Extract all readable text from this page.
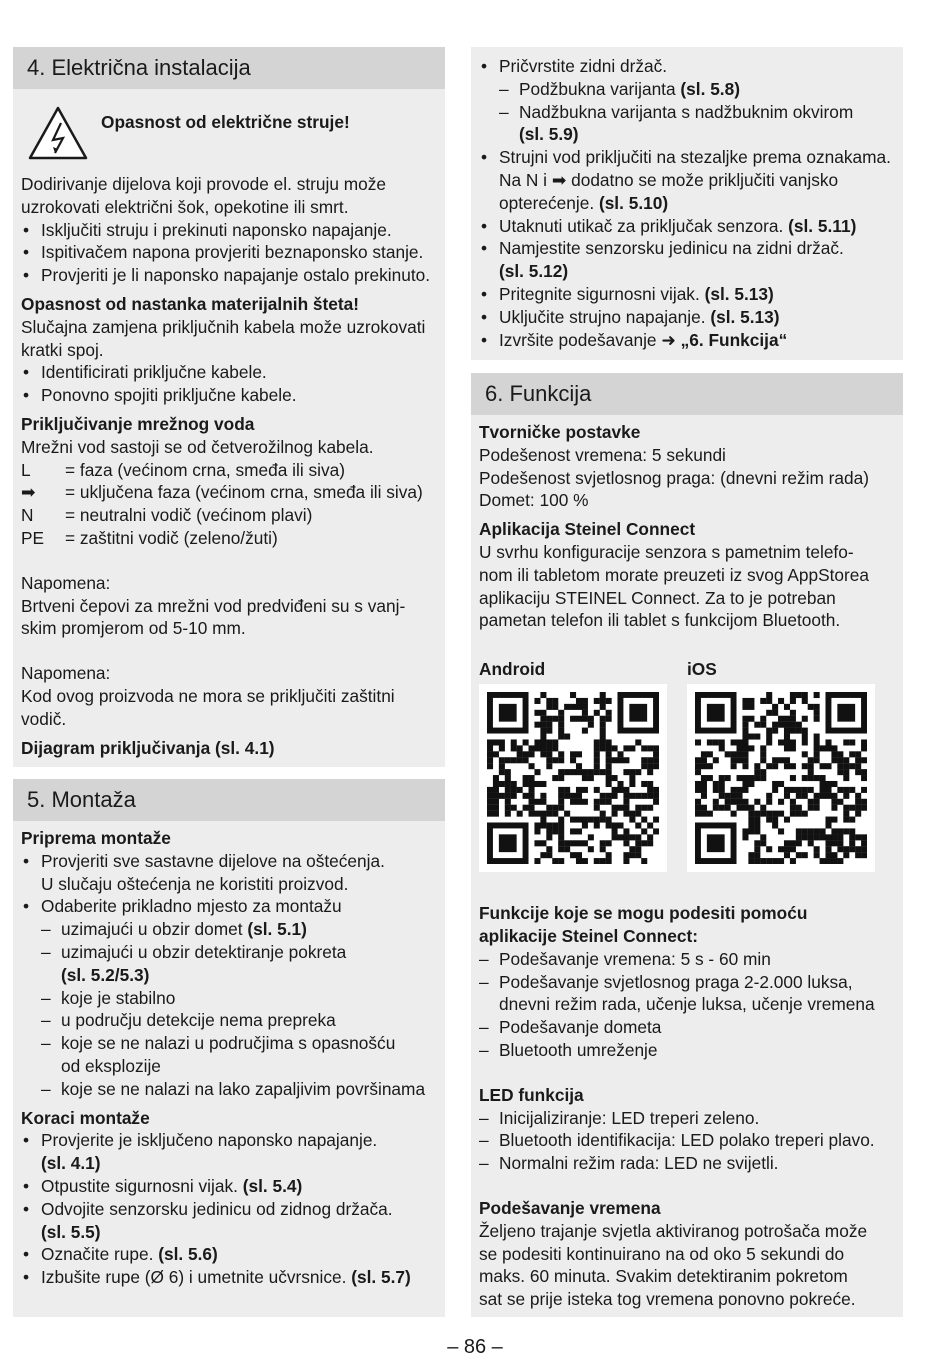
4. Električna instalacija
Opasnost od električne struje!

Dodirivanje dijelova koji provode el. struju može

uzrokovati električni šok, opekotine ili smrt.

• Isključiti struju i prekinuti naponsko napajanje.
• Ispitivačem napona provjeriti beznaponsko stanje.
• Provjeriti je li naponsko napajanje ostalo prekinuto.

Opasnost od nastanka materijalnih šteta!

Slučajna zamjena priključnih kabela može uzrokovati

kratki spoj.

• Identificirati priključne kabele.
• Ponovno spojiti priključne kabele.

Priključivanje mrežnog voda

Mrežni vod sastoji se od četverožilnog kabela.

L	= faza (većinom crna, smeđa ili siva)
➡	= uključena faza (većinom crna, smeđa ili siva)
N	= neutralni vodič (većinom plavi)
PE	= zaštitni vodič (zeleno/žuti)

Napomena:

Brtveni čepovi za mrežni vod predviđeni su s vanj-

skim promjerom od 5-10 mm.

Napomena:

Kod ovog proizvoda ne mora se priključiti zaštitni

vodič.

Dijagram priključivanja (sl. 4.1)

5. Montaža

Priprema montaže

• Provjeriti sve sastavne dijelove na oštećenja.
U slučaju oštećenja ne koristiti proizvod.
• Odaberite prikladno mjesto za montažu
– uzimajući u obzir domet (sl. 5.1)
– uzimajući u obzir detektiranje pokreta
(sl. 5.2/5.3)
– koje je stabilno
– u području detekcije nema prepreka
– koje se ne nalazi u područjima s opasnošću
od eksplozije
– koje se ne nalazi na lako zapaljivim površinama

Koraci montaže

• Provjerite je isključeno naponsko napajanje.
(sl. 4.1)
• Otpustite sigurnosni vijak. (sl. 5.4)
• Odvojite senzorsku jedinicu od zidnog držača.
(sl. 5.5)
• Označite rupe. (sl. 5.6)
• Izbušite rupe (Ø 6) i umetnite učvrsnice. (sl. 5.7)
• Pričvrstite zidni držač.
– Podžbukna varijanta (sl. 5.8)
– Nadžbukna varijanta s nadžbuknim okvirom
(sl. 5.9)
• Strujni vod priključiti na stezaljke prema oznakama.
Na N i ➡ dodatno se može priključiti vanjsko
opterećenje. (sl. 5.10)
• Utaknuti utikač za priključak senzora. (sl. 5.11)
• Namjestite senzorsku jedinicu na zidni držač.
(sl. 5.12)
• Pritegnite sigurnosni vijak. (sl. 5.13)
• Uključite strujno napajanje. (sl. 5.13)
• Izvršite podešavanje ➜ „6. Funkcija“
6. Funkcija

Tvorničke postavke

Podešenost vremena: 5 sekundi

Podešenost svjetlosnog praga: (dnevni režim rada)

Domet: 100 %

Aplikacija Steinel Connect

U svrhu konfiguracije senzora s pametnim telefo-

nom ili tabletom morate preuzeti iz svog AppStorea

aplikaciju STEINEL Connect. Za to je potreban

pametan telefon ili tablet s funkcijom Bluetooth.

Android	iOS

Funkcije koje se mogu podesiti pomoću

aplikacije Steinel Connect:

– Podešavanje vremena: 5 s - 60 min
– Podešavanje svjetlosnog praga 2-2.000 luksa,
dnevni režim rada, učenje luksa, učenje vremena
– Podešavanje dometa
– Bluetooth umreženje

LED funkcija

– Inicijaliziranje: LED treperi zeleno.
– Bluetooth identifikacija: LED polako treperi plavo.
– Normalni režim rada: LED ne svijetli.

Podešavanje vremena

Željeno trajanje svjetla aktiviranog potrošača može

se podesiti kontinuirano na od oko 5 sekundi do

maks. 60 minuta. Svakim detektiranim pokretom

sat se prije isteka tog vremena ponovno pokreće.

– 86 –
